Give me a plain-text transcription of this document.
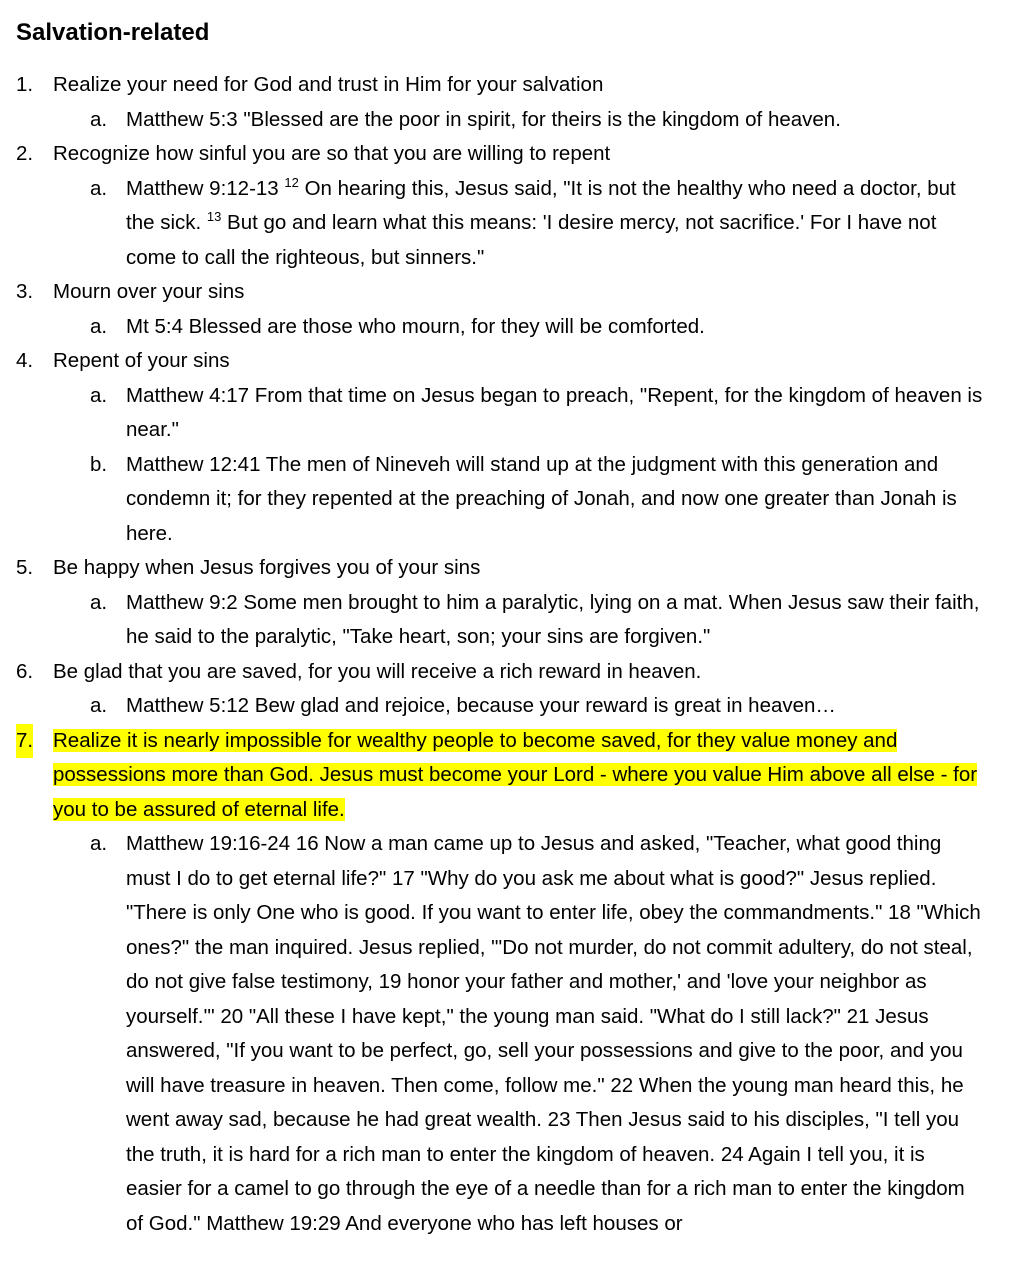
Salvation-related
1. Realize your need for God and trust in Him for your salvation
a. Matthew 5:3 "Blessed are the poor in spirit, for theirs is the kingdom of heaven.
2. Recognize how sinful you are so that you are willing to repent
a. Matthew 9:12-13 $^{12}$ On hearing this, Jesus said, "It is not the healthy who need a doctor, but the sick. $^{13}$ But go and learn what this means: 'I desire mercy, not sacrifice.' For I have not come to call the righteous, but sinners."
3. Mourn over your sins
a. Mt 5:4 Blessed are those who mourn, for they will be comforted.
4. Repent of your sins
a. Matthew 4:17 From that time on Jesus began to preach, "Repent, for the kingdom of heaven is near."
b. Matthew 12:41 The men of Nineveh will stand up at the judgment with this generation and condemn it; for they repented at the preaching of Jonah, and now one greater than Jonah is here.
5. Be happy when Jesus forgives you of your sins
a. Matthew 9:2 Some men brought to him a paralytic, lying on a mat. When Jesus saw their faith, he said to the paralytic, "Take heart, son; your sins are forgiven."
6. Be glad that you are saved, for you will receive a rich reward in heaven.
a. Matthew 5:12 Bew glad and rejoice, because your reward is great in heaven…
7. Realize it is nearly impossible for wealthy people to become saved, for they value money and possessions more than God. Jesus must become your Lord - where you value Him above all else - for you to be assured of eternal life.
a. Matthew 19:16-24 16 Now a man came up to Jesus and asked, "Teacher, what good thing must I do to get eternal life?" 17 "Why do you ask me about what is good?" Jesus replied. "There is only One who is good. If you want to enter life, obey the commandments." 18 "Which ones?" the man inquired. Jesus replied, "'Do not murder, do not commit adultery, do not steal, do not give false testimony, 19 honor your father and mother,' and 'love your neighbor as yourself.'" 20 "All these I have kept," the young man said. "What do I still lack?" 21 Jesus answered, "If you want to be perfect, go, sell your possessions and give to the poor, and you will have treasure in heaven. Then come, follow me." 22 When the young man heard this, he went away sad, because he had great wealth. 23 Then Jesus said to his disciples, "I tell you the truth, it is hard for a rich man to enter the kingdom of heaven. 24 Again I tell you, it is easier for a camel to go through the eye of a needle than for a rich man to enter the kingdom of God." Matthew 19:29 And everyone who has left houses or
